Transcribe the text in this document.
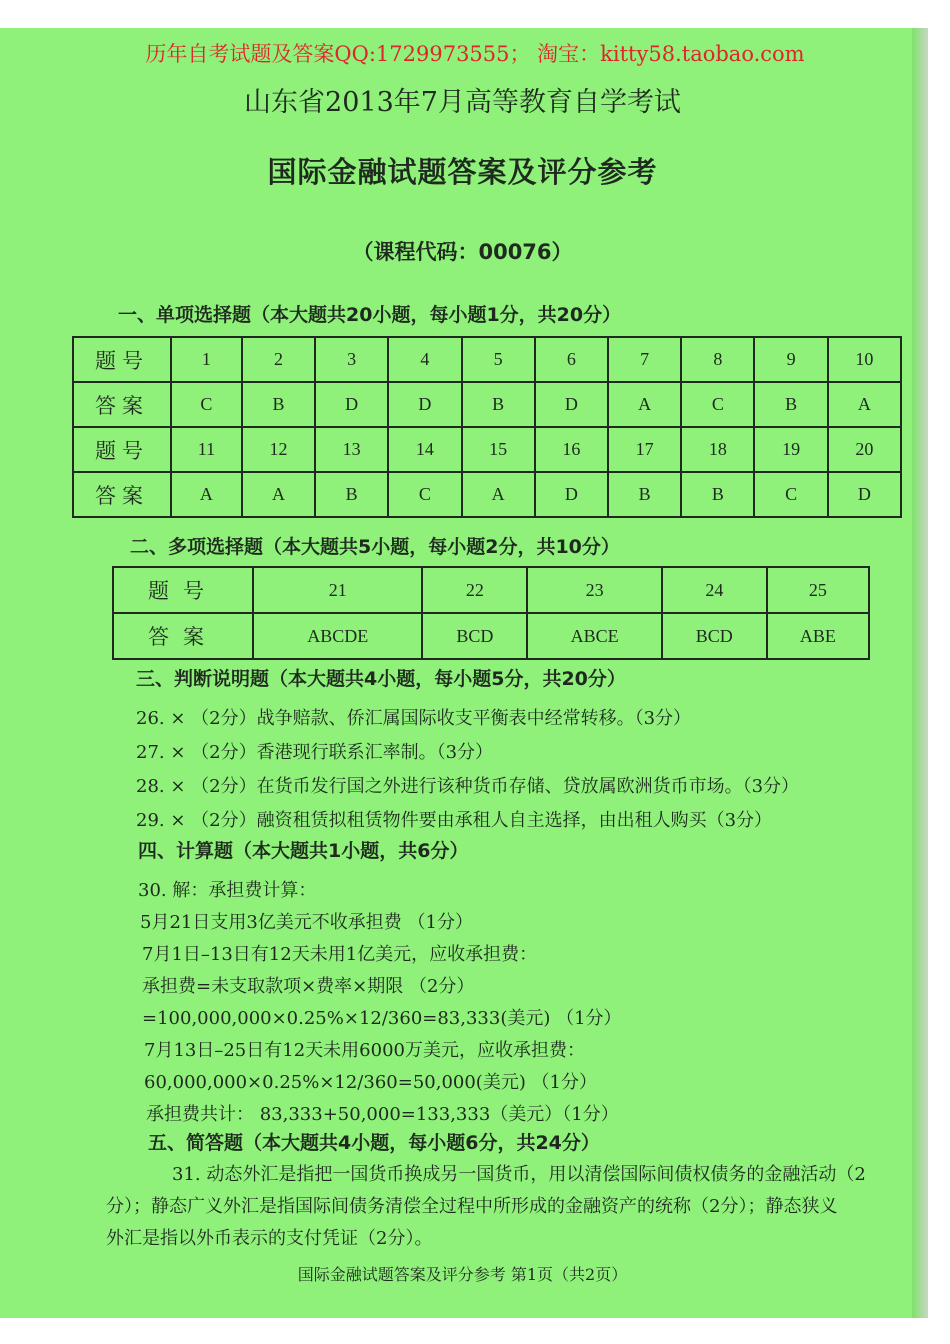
历年自考试题及答案QQ:1729973555； 淘宝：kitty58.taobao.com
山东省2013年7月高等教育自学考试
国际金融试题答案及评分参考
（课程代码：00076）
一、单项选择题（本大题共20小题，每小题1分，共20分）
题号	1	2	3	4	5	6	7	8	9	10
答案	C	B	D	D	B	D	A	C	B	A
题号	11	12	13	14	15	16	17	18	19	20
答案	A	A	B	C	A	D	B	B	C	D
二、多项选择题（本大题共5小题，每小题2分，共10分）
题号	21	22	23	24	25
答案	ABCDE	BCD	ABCE	BCD	ABE
三、判断说明题（本大题共4小题，每小题5分，共20分）
26. × （2分）战争赔款、侨汇属国际收支平衡表中经常转移。（3分）
27. × （2分）香港现行联系汇率制。（3分）
28. × （2分）在货币发行国之外进行该种货币存储、贷放属欧洲货币市场。（3分）
29. × （2分）融资租赁拟租赁物件要由承租人自主选择，由出租人购买（3分）
四、计算题（本大题共1小题，共6分）
30. 解：承担费计算：
5月21日支用3亿美元不收承担费 （1分）
7月1日–13日有12天未用1亿美元，应收承担费：
承担费=未支取款项×费率×期限 （2分）
=100,000,000×0.25%×12/360=83,333(美元) （1分）
7月13日–25日有12天未用6000万美元，应收承担费：
60,000,000×0.25%×12/360=50,000(美元) （1分）
承担费共计： 83,333+50,000=133,333（美元）（1分）
五、简答题（本大题共4小题，每小题6分，共24分）
31. 动态外汇是指把一国货币换成另一国货币，用以清偿国际间债权债务的金融活动（2
分）；静态广义外汇是指国际间债务清偿全过程中所形成的金融资产的统称（2分）；静态狭义
外汇是指以外币表示的支付凭证（2分）。
国际金融试题答案及评分参考 第1页（共2页）
